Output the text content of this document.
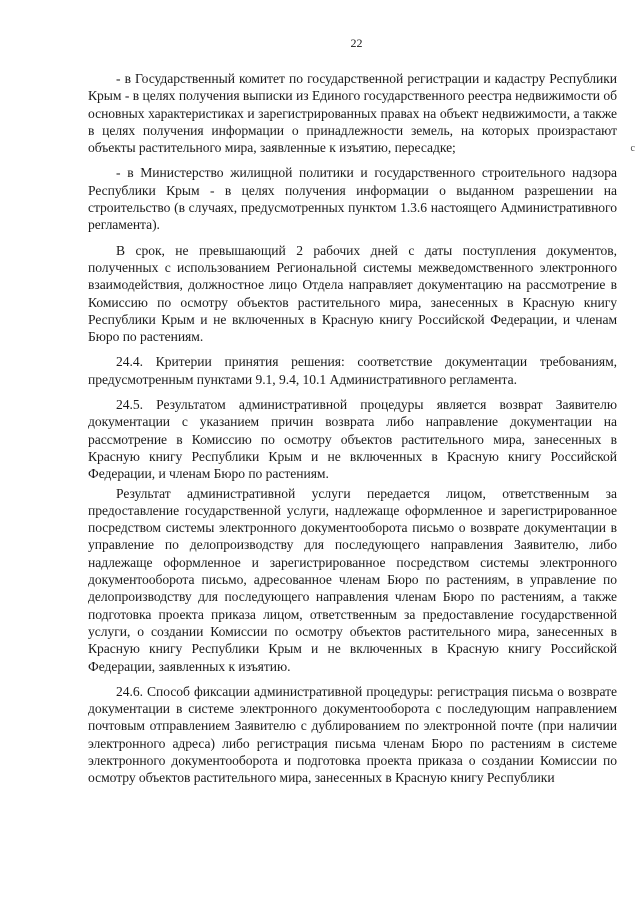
22

- в Государственный комитет по государственной регистрации и кадастру Республики Крым - в целях получения выписки из Единого государственного реестра недвижимости об основных характеристиках и зарегистрированных правах на объект недвижимости, а также в целях получения информации о принадлежности земель, на которых произрастают объекты растительного мира, заявленные к изъятию, пересадке;

- в Министерство жилищной политики и государственного строительного надзора Республики Крым - в целях получения информации о выданном разрешении на строительство (в случаях, предусмотренных пунктом 1.3.6 настоящего Административного регламента).

В срок, не превышающий 2 рабочих дней с даты поступления документов, полученных с использованием Региональной системы межведомственного электронного взаимодействия, должностное лицо Отдела направляет документацию на рассмотрение в Комиссию по осмотру объектов растительного мира, занесенных в Красную книгу Республики Крым и не включенных в Красную книгу Российской Федерации, и членам Бюро по растениям.

24.4. Критерии принятия решения: соответствие документации требованиям, предусмотренным пунктами 9.1, 9.4, 10.1 Административного регламента.

24.5. Результатом административной процедуры является возврат Заявителю документации с указанием причин возврата либо направление документации на рассмотрение в Комиссию по осмотру объектов растительного мира, занесенных в Красную книгу Республики Крым и не включенных в Красную книгу Российской Федерации, и членам Бюро по растениям.

Результат административной услуги передается лицом, ответственным за предоставление государственной услуги, надлежаще оформленное и зарегистрированное посредством системы электронного документооборота письмо о возврате документации в управление по делопроизводству для последующего направления Заявителю, либо надлежаще оформленное и зарегистрированное посредством системы электронного документооборота письмо, адресованное членам Бюро по растениям, в управление по делопроизводству для последующего направления членам Бюро по растениям, а также подготовка проекта приказа лицом, ответственным за предоставление государственной услуги, о создании Комиссии по осмотру объектов растительного мира, занесенных в Красную книгу Республики Крым и не включенных в Красную книгу Российской Федерации, заявленных к изъятию.

24.6. Способ фиксации административной процедуры: регистрация письма о возврате документации в системе электронного документооборота с последующим направлением почтовым отправлением Заявителю с дублированием по электронной почте (при наличии электронного адреса) либо регистрация письма членам Бюро по растениям в системе электронного документооборота и подготовка проекта приказа о создании Комиссии по осмотру объектов растительного мира, занесенных в Красную книгу Республики

с
